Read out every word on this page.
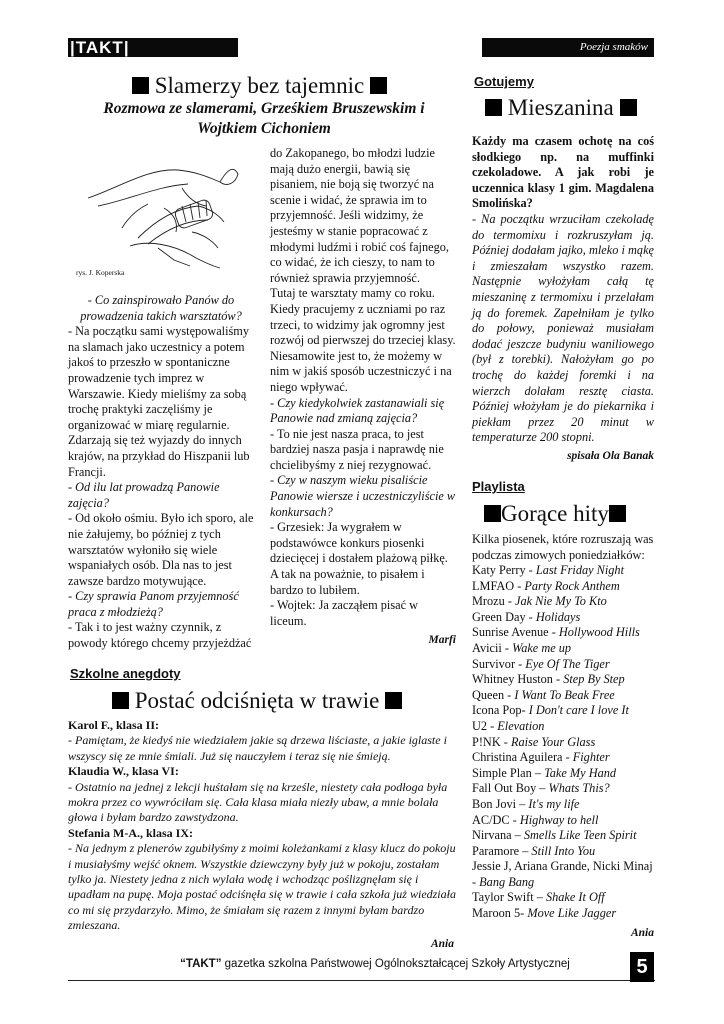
|TAKT|	Poezja smaków
Slamerzy bez tajemnic
Rozmowa ze slamerami, Grześkiem Bruszewskim i Wojtkiem Cichoniem
rys. J. Koperska

- Co zainspirowało Panów do prowadzenia takich warsztatów?

- Na początku sami występowaliśmy na slamach jako uczestnicy a potem jakoś to przeszło w spontaniczne prowadzenie tych imprez w Warszawie. Kiedy mieliśmy za sobą trochę praktyki zaczęliśmy je organizować w miarę regularnie. Zdarzają się też wyjazdy do innych krajów, na przykład do Hiszpanii lub Francji.

- Od ilu lat prowadzą Panowie zajęcia?

- Od około ośmiu. Było ich sporo, ale nie żałujemy, bo później z tych warsztatów wyłoniło się wiele wspaniałych osób. Dla nas to jest zawsze bardzo motywujące.

- Czy sprawia Panom przyjemność praca z młodzieżą?

- Tak i to jest ważny czynnik, z powody którego chcemy przyjeżdżać

do Zakopanego, bo młodzi ludzie mają dużo energii, bawią się pisaniem, nie boją się tworzyć na scenie i widać, że sprawia im to przyjemność. Jeśli widzimy, że jesteśmy w stanie popracować z młodymi ludźmi i robić coś fajnego, co widać, że ich cieszy, to nam to również sprawia przyjemność.

Tutaj te warsztaty mamy co roku. Kiedy pracujemy z uczniami po raz trzeci, to widzimy jak ogromny jest rozwój od pierwszej do trzeciej klasy. Niesamowite jest to, że możemy w nim w jakiś sposób uczestniczyć i na niego wpływać.

- Czy kiedykolwiek zastanawiali się Panowie nad zmianą zajęcia?

- To nie jest nasza praca, to jest bardziej nasza pasja i naprawdę nie chcielibyśmy z niej rezygnować.

- Czy w naszym wieku pisaliście Panowie wiersze i uczestniczyliście w konkursach?

- Grzesiek: Ja wygrałem w podstawówce konkurs piosenki dziecięcej i dostałem plażową piłkę. A tak na poważnie, to pisałem i bardzo to lubiłem.

- Wojtek: Ja zacząłem pisać w liceum.

Marfi
Szkolne anegdoty
Postać odciśnięta w trawie

Karol F., klasa II:

- Pamiętam, że kiedyś nie wiedziałem jakie są drzewa liściaste, a jakie iglaste i wszyscy się ze mnie śmiali. Już się nauczyłem i teraz się nie śmieją.

Klaudia W., klasa VI:

- Ostatnio na jednej z lekcji huśtałam się na krześle, niestety cała podłoga była mokra przez co wywróciłam się. Cała klasa miała niezły ubaw, a mnie bolała głowa i byłam bardzo zawstydzona.

Stefania M-A., klasa IX:

- Na jednym z plenerów zgubiłyśmy z moimi koleżankami z klasy klucz do pokoju i musiałyśmy wejść oknem. Wszystkie dziewczyny były już w pokoju, zostałam tylko ja. Niestety jedna z nich wylała wodę i wchodząc poślizgnęłam się i upadłam na pupę. Moja postać odciśnęła się w trawie i cała szkoła już wiedziała co mi się przydarzyło. Mimo, że śmiałam się razem z innymi byłam bardzo zmieszana.

Ania
Gotujemy
Mieszanina

Każdy ma czasem ochotę na coś słodkiego np. na muffinki czekoladowe. A jak robi je uczennica klasy 1 gim. Magdalena Smolińska?

- Na początku wrzuciłam czekoladę do termomixu i rozkruszyłam ją. Później dodałam jajko, mleko i mąkę i zmieszałam wszystko razem. Następnie wyłożyłam całą tę mieszaninę z termomixu i przelałam ją do foremek. Zapełniłam je tylko do połowy, ponieważ musiałam dodać jeszcze budyniu waniliowego (był z torebki). Nałożyłam go po trochę do każdej foremki i na wierzch dolałam resztę ciasta. Później włożyłam je do piekarnika i piekłam przez 20 minut w temperaturze 200 stopni.

spisała Ola Banak
Playlista
Gorące hity
Kilka piosenek, które rozruszają was podczas zimowych poniedziałków:

Katy Perry - Last Friday Night

LMFAO - Party Rock Anthem

Mrozu - Jak Nie My To Kto

Green Day - Holidays

Sunrise Avenue - Hollywood Hills

Avicii - Wake me up

Survivor - Eye Of The Tiger

Whitney Huston - Step By Step

Queen - I Want To Beak Free

Icona Pop- I Don't care I love It

U2 - Elevation

P!NK - Raise Your Glass

Christina Aguilera - Fighter

Simple Plan – Take My Hand

Fall Out Boy – Whats This?

Bon Jovi – It's my life

AC/DC - Highway to hell

Nirvana – Smells Like Teen Spirit

Paramore – Still Into You

Jessie J, Ariana Grande, Nicki Minaj

- Bang Bang

Taylor Swift – Shake It Off

Maroon 5- Move Like Jagger

Ania
“TAKT” gazetka szkolna Państwowej Ogólnokształcącej Szkoły Artystycznej	5
